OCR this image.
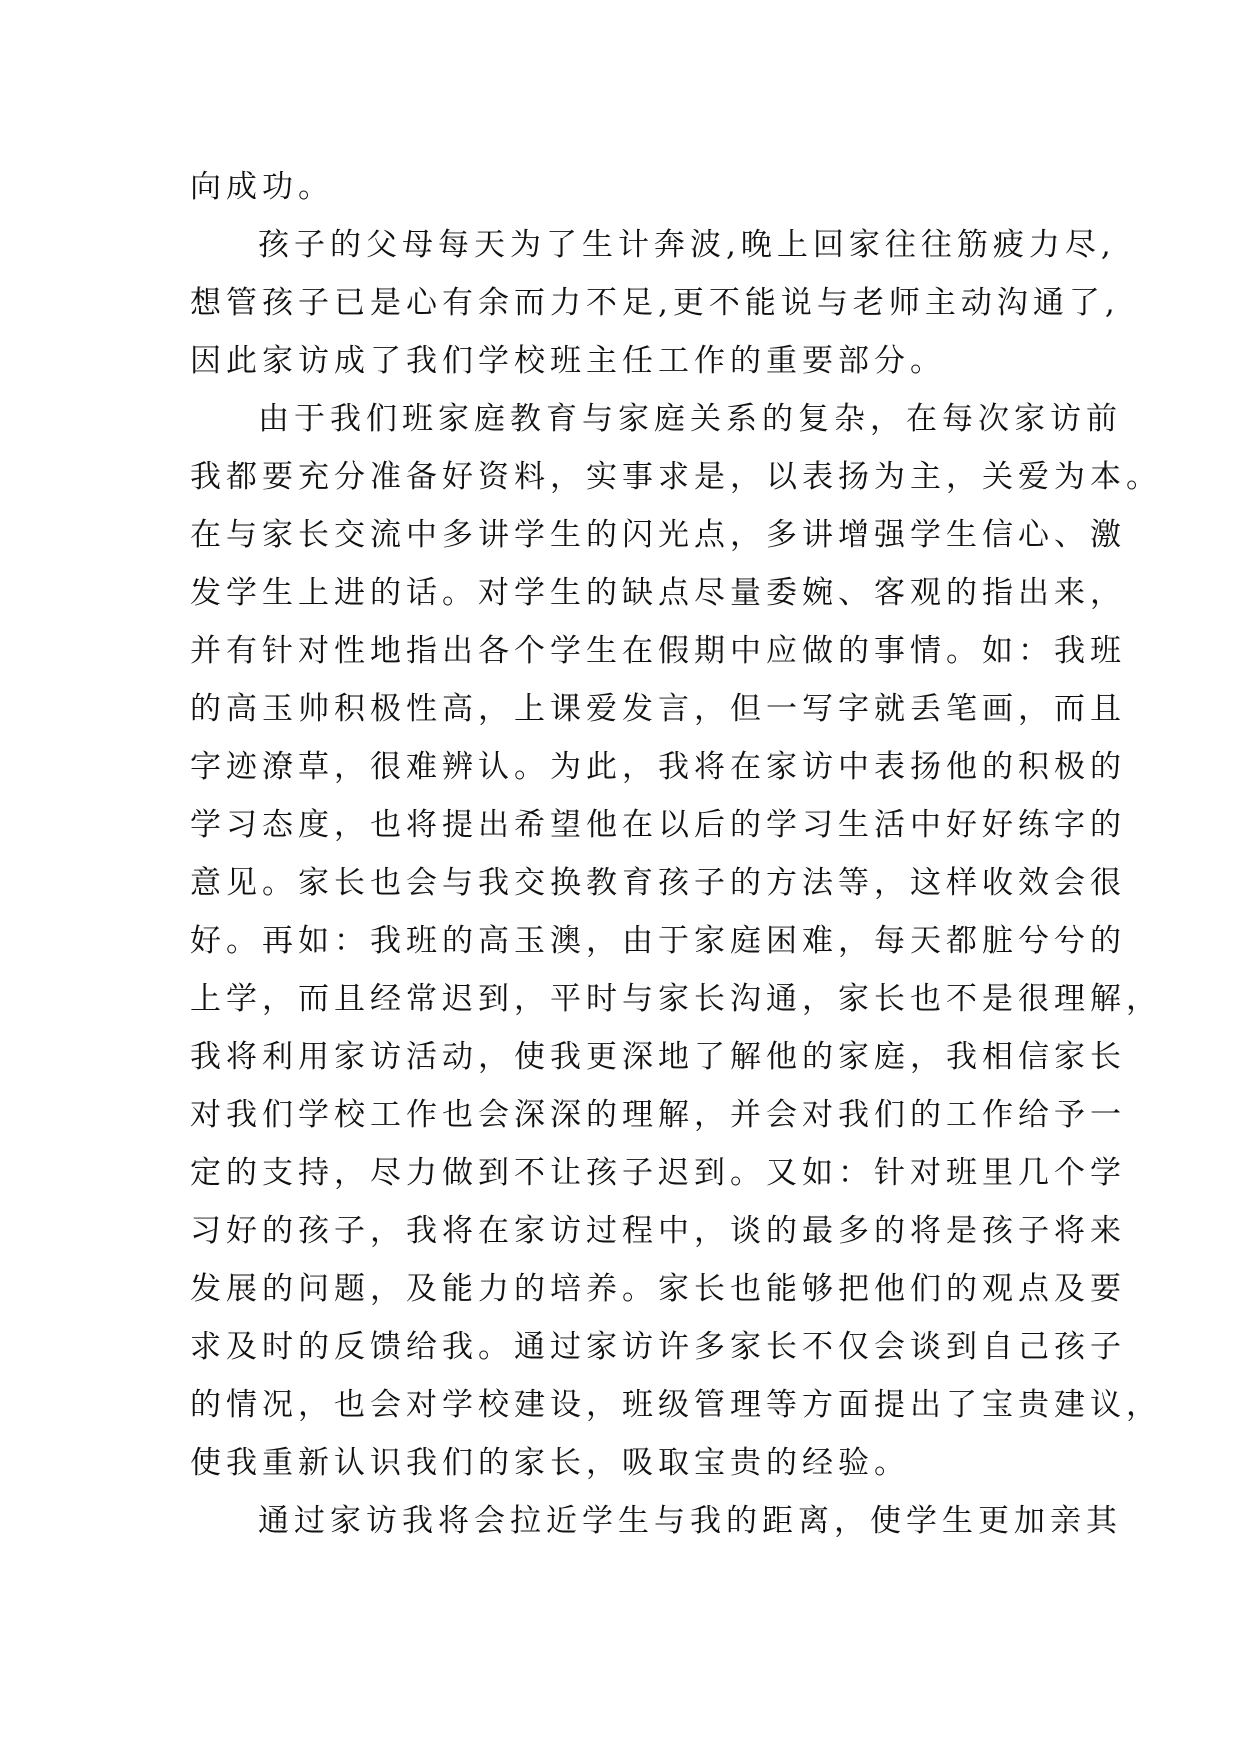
向成功。
孩子的父母每天为了生计奔波,晚上回家往往筋疲力尽,
想管孩子已是心有余而力不足,更不能说与老师主动沟通了,
因此家访成了我们学校班主任工作的重要部分。
由于我们班家庭教育与家庭关系的复杂，在每次家访前
我都要充分准备好资料，实事求是，以表扬为主，关爱为本。
在与家长交流中多讲学生的闪光点，多讲增强学生信心、激
发学生上进的话。对学生的缺点尽量委婉、客观的指出来，
并有针对性地指出各个学生在假期中应做的事情。如：我班
的高玉帅积极性高，上课爱发言，但一写字就丢笔画，而且
字迹潦草，很难辨认。为此，我将在家访中表扬他的积极的
学习态度，也将提出希望他在以后的学习生活中好好练字的
意见。家长也会与我交换教育孩子的方法等，这样收效会很
好。再如：我班的高玉澳，由于家庭困难，每天都脏兮兮的
上学，而且经常迟到，平时与家长沟通，家长也不是很理解，
我将利用家访活动，使我更深地了解他的家庭，我相信家长
对我们学校工作也会深深的理解，并会对我们的工作给予一
定的支持，尽力做到不让孩子迟到。又如：针对班里几个学
习好的孩子，我将在家访过程中，谈的最多的将是孩子将来
发展的问题，及能力的培养。家长也能够把他们的观点及要
求及时的反馈给我。通过家访许多家长不仅会谈到自己孩子
的情况，也会对学校建设，班级管理等方面提出了宝贵建议，
使我重新认识我们的家长，吸取宝贵的经验。
通过家访我将会拉近学生与我的距离，使学生更加亲其
